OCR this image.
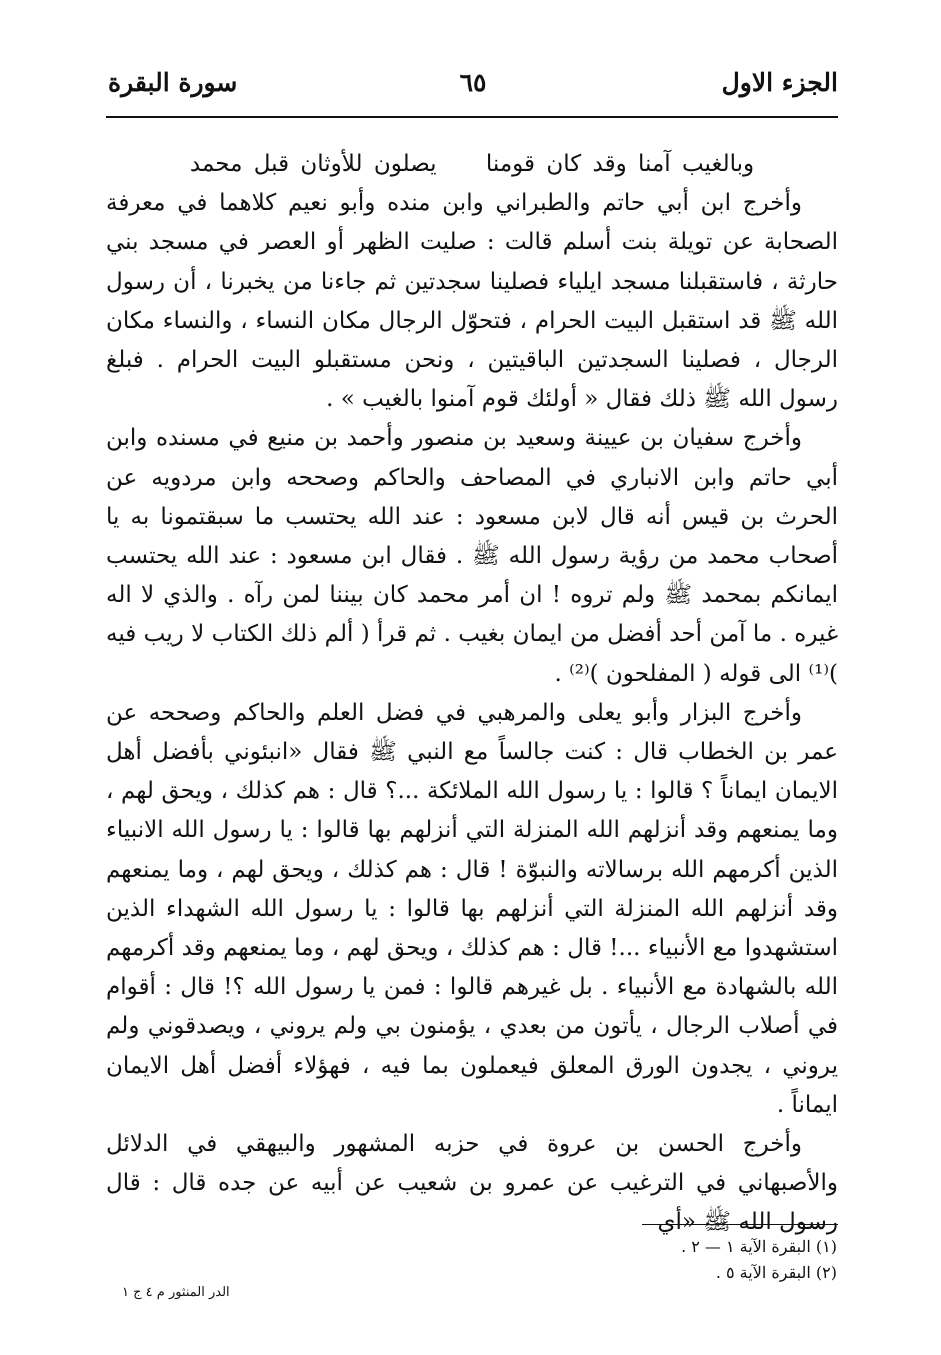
الجزء الاول
٦٥
سورة البقرة

وبالغيب آمنا وقد كان قومنا يصلون للأوثان قبل محمد

وأخرج ابن أبي حاتم والطبراني وابن منده وأبو نعيم كلاهما في معرفة الصحابة عن تويلة بنت أسلم قالت : صليت الظهر أو العصر في مسجد بني حارثة ، فاستقبلنا مسجد ايلياء فصلينا سجدتين ثم جاءنا من يخبرنا ، أن رسول الله ﷺ قد استقبل البيت الحرام ، فتحوّل الرجال مكان النساء ، والنساء مكان الرجال ، فصلينا السجدتين الباقيتين ، ونحن مستقبلو البيت الحرام . فبلغ رسول الله ﷺ ذلك فقال « أولئك قوم آمنوا بالغيب » .

وأخرج سفيان بن عيينة وسعيد بن منصور وأحمد بن منيع في مسنده وابن أبي حاتم وابن الانباري في المصاحف والحاكم وصححه وابن مردويه عن الحرث بن قيس أنه قال لابن مسعود : عند الله يحتسب ما سبقتمونا به يا أصحاب محمد من رؤية رسول الله ﷺ . فقال ابن مسعود : عند الله يحتسب ايمانكم بمحمد ﷺ ولم تروه ! ان أمر محمد كان بيننا لمن رآه . والذي لا اله غيره . ما آمن أحد أفضل من ايمان بغيب . ثم قرأ ( ألم ذلك الكتاب لا ريب فيه )⁽¹⁾ الى قوله ( المفلحون )⁽²⁾ .

وأخرج البزار وأبو يعلى والمرهبي في فضل العلم والحاكم وصححه عن عمر بن الخطاب قال : كنت جالساً مع النبي ﷺ فقال «انبئوني بأفضل أهل الايمان ايماناً ؟ قالوا : يا رسول الله الملائكة ...؟ قال : هم كذلك ، ويحق لهم ، وما يمنعهم وقد أنزلهم الله المنزلة التي أنزلهم بها قالوا : يا رسول الله الانبياء الذين أكرمهم الله برسالاته والنبوّة ! قال : هم كذلك ، ويحق لهم ، وما يمنعهم وقد أنزلهم الله المنزلة التي أنزلهم بها قالوا : يا رسول الله الشهداء الذين استشهدوا مع الأنبياء ...! قال : هم كذلك ، ويحق لهم ، وما يمنعهم وقد أكرمهم الله بالشهادة مع الأنبياء . بل غيرهم قالوا : فمن يا رسول الله ؟! قال : أقوام في أصلاب الرجال ، يأتون من بعدي ، يؤمنون بي ولم يروني ، ويصدقوني ولم يروني ، يجدون الورق المعلق فيعملون بما فيه ، فهؤلاء أفضل أهل الايمان ايماناً .

وأخرج الحسن بن عروة في حزبه المشهور والبيهقي في الدلائل والأصبهاني في الترغيب عن عمرو بن شعيب عن أبيه عن جده قال : قال رسول الله ﷺ «أي

(١) البقرة الآية ١ — ٢ .
(٢) البقرة الآية ٥ .
الدر المنثور م ٤ ج ١
